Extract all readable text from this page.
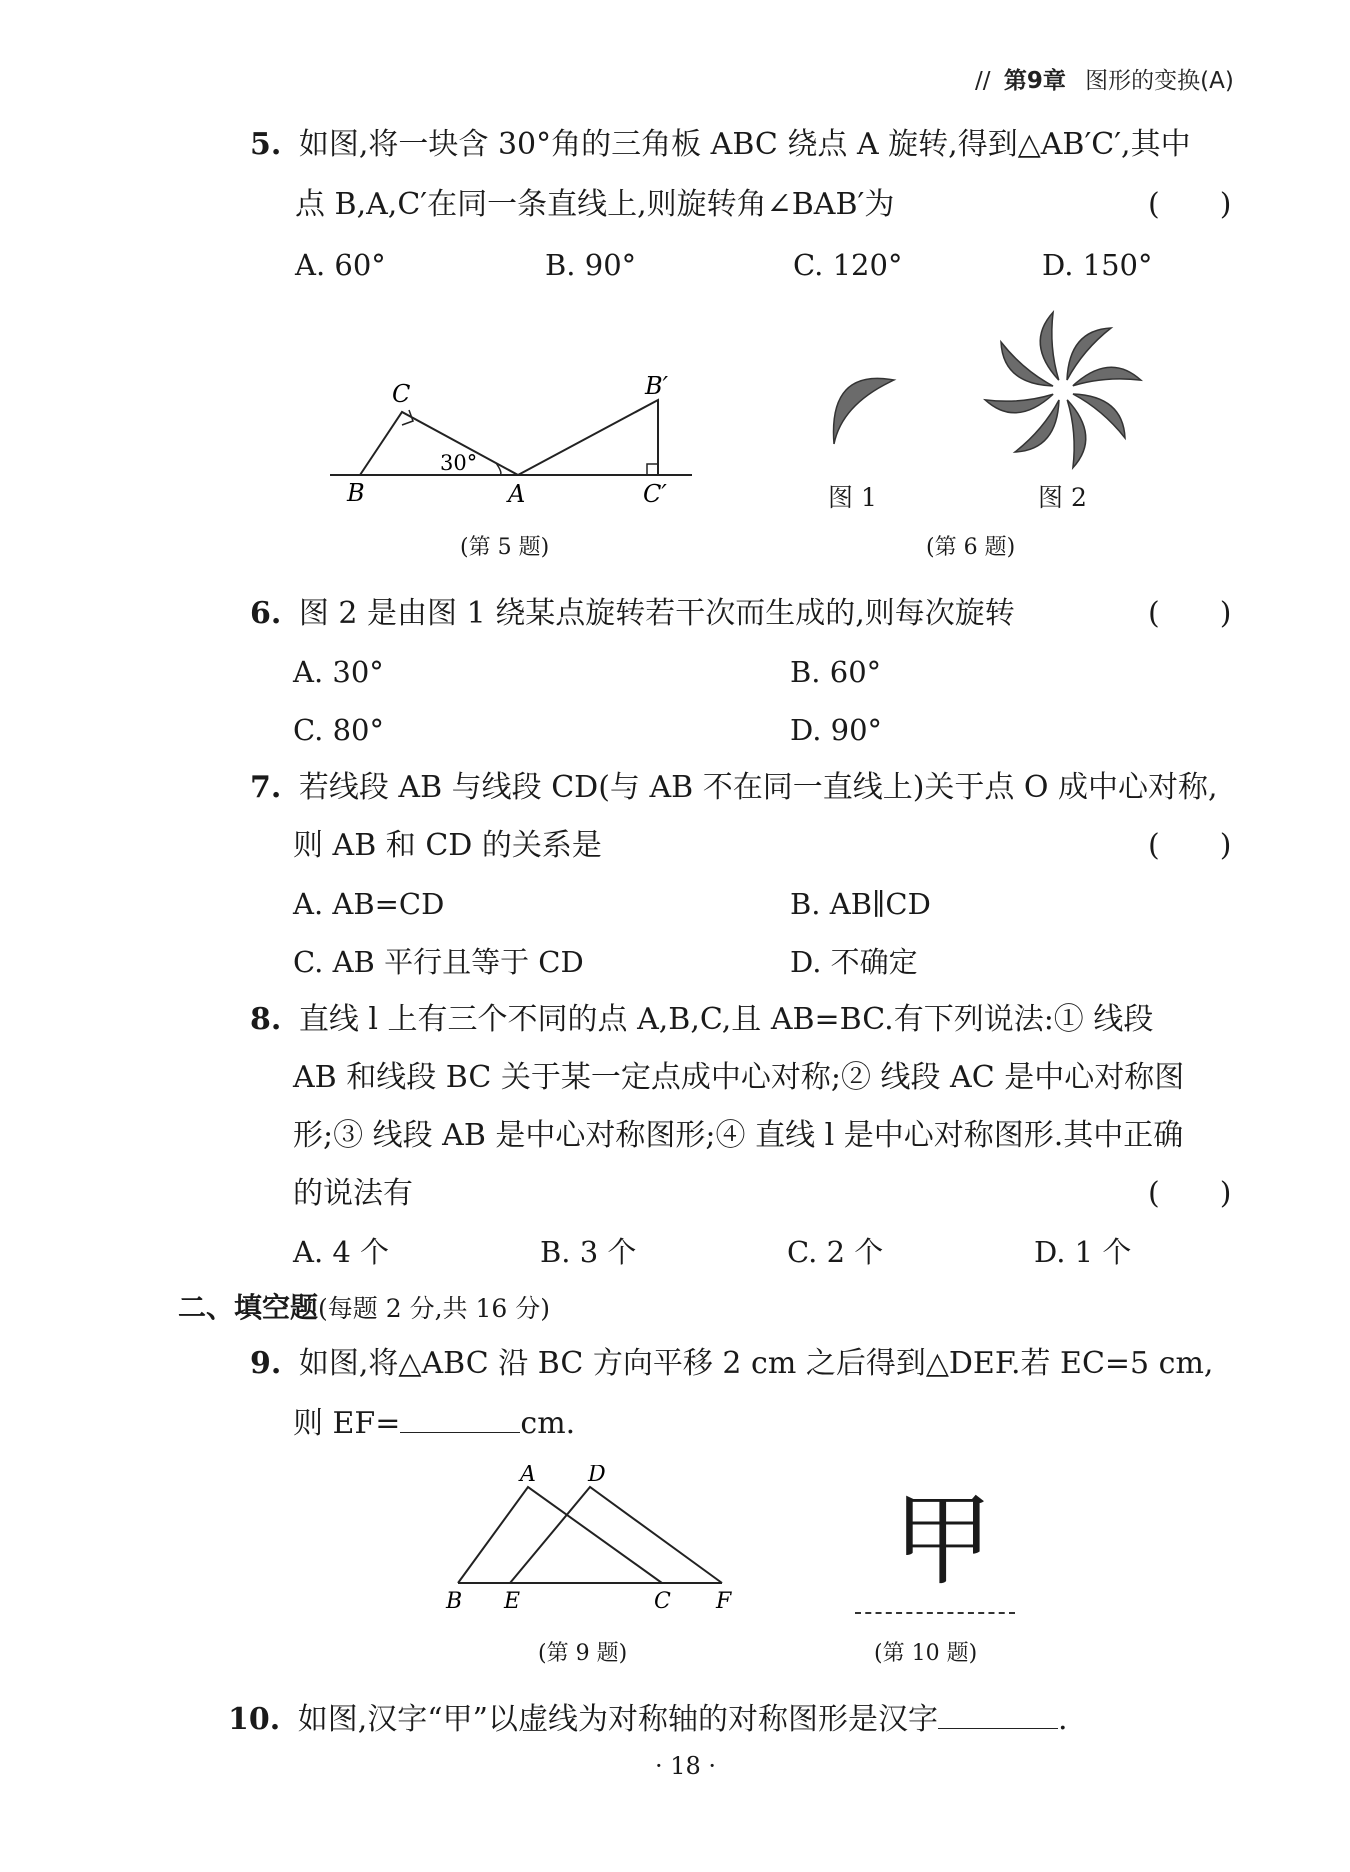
// 第9章 图形的变换(A)
5. 如图,将一块含 30°角的三角板 ABC 绕点 A 旋转,得到△AB′C′,其中
点 B,A,C′在同一条直线上,则旋转角∠BAB′为	(　　)
A. 60°	B. 90°	C. 120°	D. 150°
C
B	A
B′
C′
30°
(第 5 题)
图 1	图 2
(第 6 题)
6. 图 2 是由图 1 绕某点旋转若干次而生成的,则每次旋转	(　　)
A. 30°	B. 60°
C. 80°	D. 90°
7. 若线段 AB 与线段 CD(与 AB 不在同一直线上)关于点 O 成中心对称,
则 AB 和 CD 的关系是	(　　)
A. AB=CD	B. AB∥CD
C. AB 平行且等于 CD	D. 不确定
8. 直线 l 上有三个不同的点 A,B,C,且 AB=BC.有下列说法:① 线段
AB 和线段 BC 关于某一定点成中心对称;② 线段 AC 是中心对称图
形;③ 线段 AB 是中心对称图形;④ 直线 l 是中心对称图形.其中正确
的说法有	(　　)
A. 4 个	B. 3 个	C. 2 个	D. 1 个
二、填空题(每题 2 分,共 16 分)
9. 如图,将△ABC 沿 BC 方向平移 2 cm 之后得到△DEF.若 EC=5 cm,
则 EF=	cm.
A D
B E	C F
(第 9 题)
甲
(第 10 题)
10. 如图,汉字“甲”以虚线为对称轴的对称图形是汉字	.
· 18 ·
